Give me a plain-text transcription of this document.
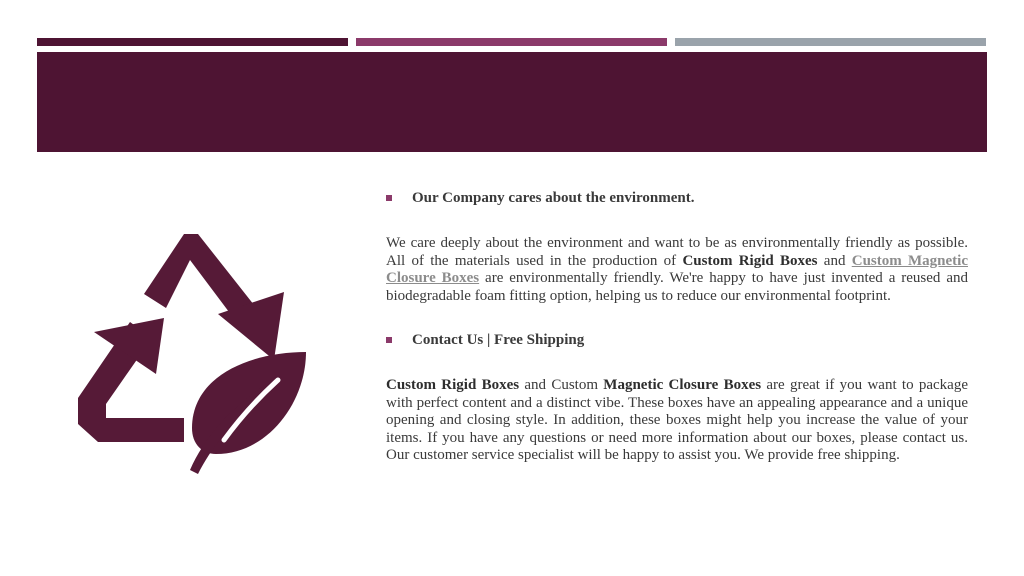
Our Company cares about the environment.

We care deeply about the environment and want to be as environmentally friendly as possible. All of the materials used in the production of Custom Rigid Boxes and Custom Magnetic Closure Boxes are environmentally friendly. We're happy to have just invented a reused and biodegradable foam fitting option, helping us to reduce our environmental footprint.

Contact Us | Free Shipping

Custom Rigid Boxes and Custom Magnetic Closure Boxes are great if you want to package with perfect content and a distinct vibe. These boxes have an appealing appearance and a unique opening and closing style. In addition, these boxes might help you increase the value of your items. If you have any questions or need more information about our boxes, please contact us. Our customer service specialist will be happy to assist you. We provide free shipping.
